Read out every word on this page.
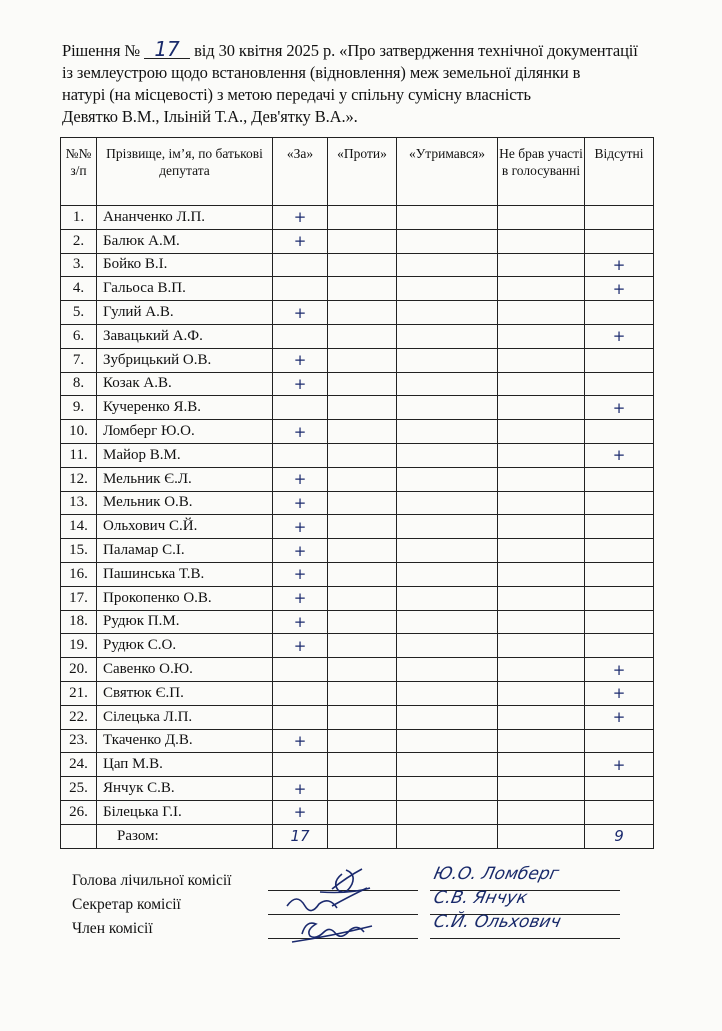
Рішення № 17 від 30 квітня 2025 р. «Про затвердження технічної документації
із землеустрою щодо встановлення (відновлення) меж земельної ділянки в
натурі (на місцевості) з метою передачі у спільну сумісну власність
Девятко В.М., Ільіній Т.А., Дев'ятку В.А.».
№№ з/п	Прізвище, ім’я, по батькові депутата	«За»	«Проти»	«Утримався»	Не брав участі в голосуванні	Відсутні
1.	Ананченко Л.П.	+				
2.	Балюк А.М.	+				
3.	Бойко В.І.					+
4.	Гальоса В.П.					+
5.	Гулий А.В.	+				
6.	Завацький А.Ф.					+
7.	Зубрицький О.В.	+				
8.	Козак А.В.	+				
9.	Кучеренко Я.В.					+
10.	Ломберг Ю.О.	+				
11.	Майор В.М.					+
12.	Мельник Є.Л.	+				
13.	Мельник О.В.	+				
14.	Ольхович С.Й.	+				
15.	Паламар С.І.	+				
16.	Пашинська Т.В.	+				
17.	Прокопенко О.В.	+				
18.	Рудюк П.М.	+				
19.	Рудюк С.О.	+				
20.	Савенко О.Ю.					+
21.	Святюк Є.П.					+
22.	Сілецька Л.П.					+
23.	Ткаченко Д.В.	+				
24.	Цап М.В.					+
25.	Янчук С.В.	+				
26.	Білецька Г.І.	+				
	Разом:	17				9
Голова лічильної комісії
Секретар комісії
Член комісії
Ю.О. Ломберг
С.В. Янчук
С.Й. Ольхович
